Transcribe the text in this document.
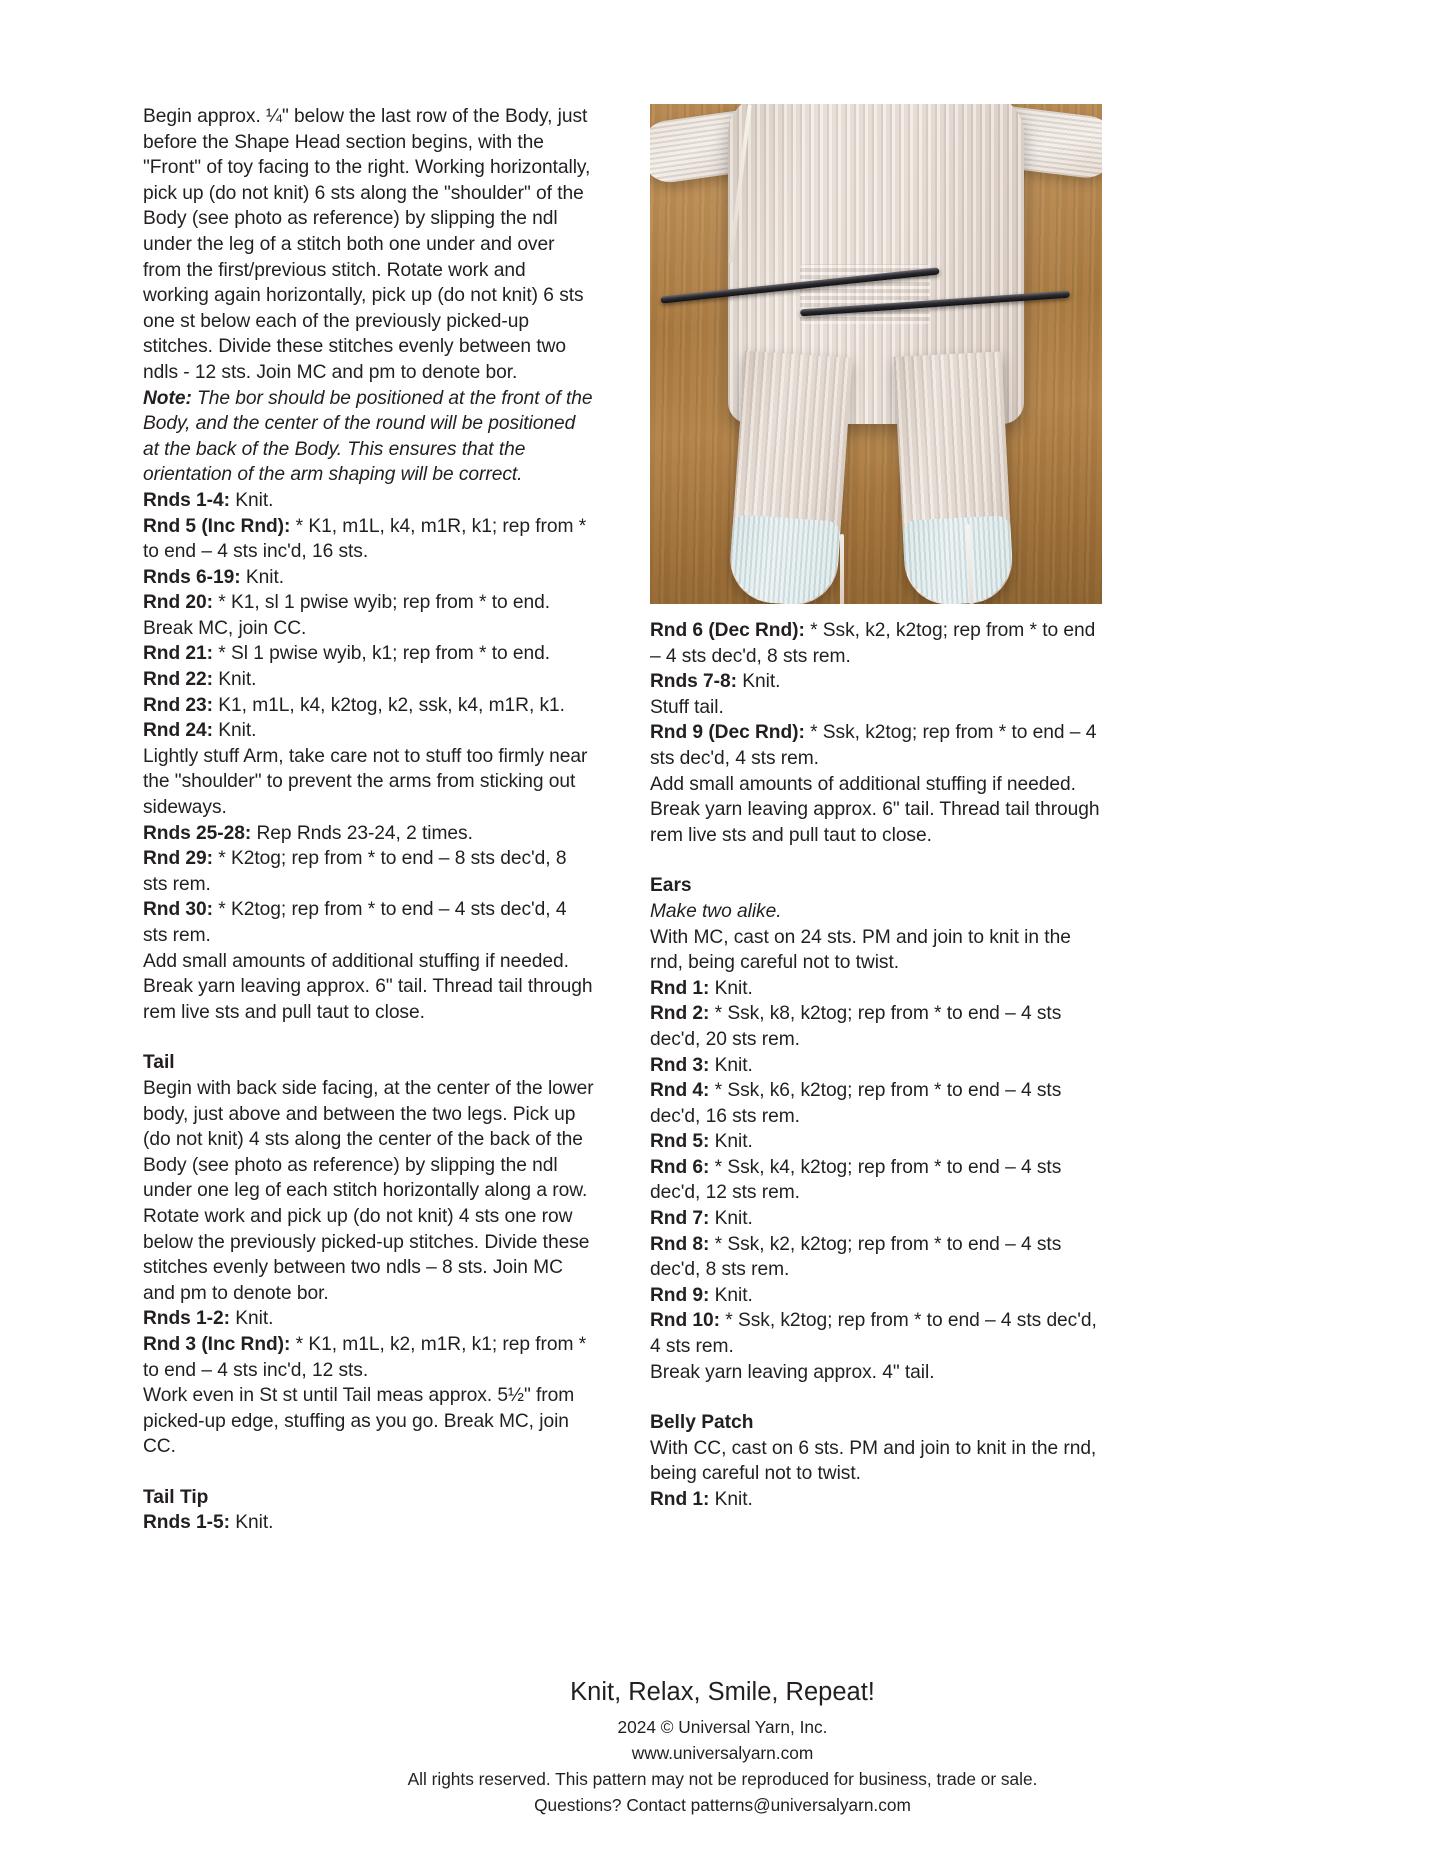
Begin approx. ¼" below the last row of the Body, just before the Shape Head section begins, with the "Front" of toy facing to the right. Working horizontally, pick up (do not knit) 6 sts along the "shoulder" of the Body (see photo as reference) by slipping the ndl under the leg of a stitch both one under and over from the first/previous stitch. Rotate work and working again horizontally, pick up (do not knit) 6 sts one st below each of the previously picked-up stitches. Divide these stitches evenly between two ndls - 12 sts. Join MC and pm to denote bor.

Note: The bor should be positioned at the front of the Body, and the center of the round will be positioned at the back of the Body. This ensures that the orientation of the arm shaping will be correct.

Rnds 1-4: Knit.

Rnd 5 (Inc Rnd): * K1, m1L, k4, m1R, k1; rep from * to end – 4 sts inc'd, 16 sts.

Rnds 6-19: Knit.

Rnd 20: * K1, sl 1 pwise wyib; rep from * to end.

Break MC, join CC.

Rnd 21: * Sl 1 pwise wyib, k1; rep from * to end.

Rnd 22: Knit.

Rnd 23: K1, m1L, k4, k2tog, k2, ssk, k4, m1R, k1.

Rnd 24: Knit.

Lightly stuff Arm, take care not to stuff too firmly near the "shoulder" to prevent the arms from sticking out sideways.

Rnds 25-28: Rep Rnds 23-24, 2 times.

Rnd 29: * K2tog; rep from * to end – 8 sts dec'd, 8 sts rem.

Rnd 30: * K2tog; rep from * to end – 4 sts dec'd, 4 sts rem.

Add small amounts of additional stuffing if needed. Break yarn leaving approx. 6" tail. Thread tail through rem live sts and pull taut to close.

Tail

Begin with back side facing, at the center of the lower body, just above and between the two legs. Pick up (do not knit) 4 sts along the center of the back of the Body (see photo as reference) by slipping the ndl under one leg of each stitch horizontally along a row. Rotate work and pick up (do not knit) 4 sts one row below the previously picked-up stitches. Divide these stitches evenly between two ndls – 8 sts. Join MC and pm to denote bor.

Rnds 1-2: Knit.

Rnd 3 (Inc Rnd): * K1, m1L, k2, m1R, k1; rep from * to end – 4 sts inc'd, 12 sts.

Work even in St st until Tail meas approx. 5½" from picked-up edge, stuffing as you go. Break MC, join CC.

Tail Tip

Rnds 1-5: Knit.

Rnd 6 (Dec Rnd): * Ssk, k2, k2tog; rep from * to end – 4 sts dec'd, 8 sts rem.

Rnds 7-8: Knit.

Stuff tail.

Rnd 9 (Dec Rnd): * Ssk, k2tog; rep from * to end – 4 sts dec'd, 4 sts rem.

Add small amounts of additional stuffing if needed. Break yarn leaving approx. 6" tail. Thread tail through rem live sts and pull taut to close.

Ears

Make two alike.

With MC, cast on 24 sts. PM and join to knit in the rnd, being careful not to twist.

Rnd 1: Knit.

Rnd 2: * Ssk, k8, k2tog; rep from * to end – 4 sts dec'd, 20 sts rem.

Rnd 3: Knit.

Rnd 4: * Ssk, k6, k2tog; rep from * to end – 4 sts dec'd, 16 sts rem.

Rnd 5: Knit.

Rnd 6: * Ssk, k4, k2tog; rep from * to end – 4 sts dec'd, 12 sts rem.

Rnd 7: Knit.

Rnd 8: * Ssk, k2, k2tog; rep from * to end – 4 sts dec'd, 8 sts rem.

Rnd 9: Knit.

Rnd 10: * Ssk, k2tog; rep from * to end – 4 sts dec'd, 4 sts rem.

Break yarn leaving approx. 4" tail.

Belly Patch

With CC, cast on 6 sts. PM and join to knit in the rnd, being careful not to twist.

Rnd 1: Knit.

Knit, Relax, Smile, Repeat!

2024 © Universal Yarn, Inc.

www.universalyarn.com

All rights reserved. This pattern may not be reproduced for business, trade or sale.

Questions? Contact patterns@universalyarn.com
